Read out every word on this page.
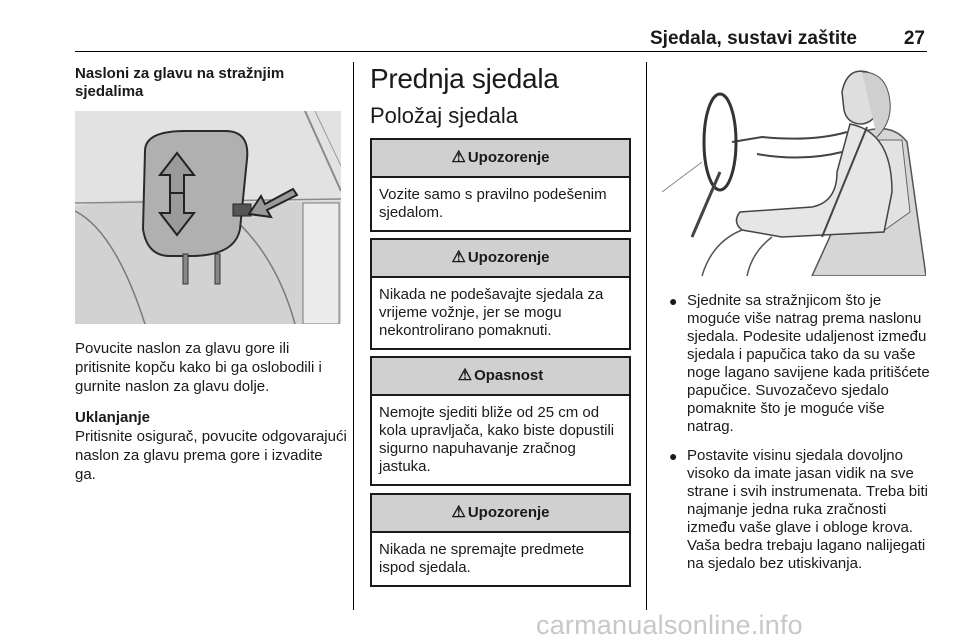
Sjedala, sustavi zaštite 27

Nasloni za glavu na stražnjim sjedalima

Povucite naslon za glavu gore ili pritisnite kopču kako bi ga oslobodili i gurnite naslon za glavu dolje.

Uklanjanje

Pritisnite osigurač, povucite odgovarajući naslon za glavu prema gore i izvadite ga.

Prednja sjedala
Položaj sjedala
⚠ Upozorenje
Vozite samo s pravilno podešenim sjedalom.
⚠ Upozorenje
Nikada ne podešavajte sjedala za vrijeme vožnje, jer se mogu nekontrolirano pomaknuti.
⚠ Opasnost
Nemojte sjediti bliže od 25 cm od kola upravljača, kako biste dopustili sigurno napuhavanje zračnog jastuka.
⚠ Upozorenje
Nikada ne spremajte predmete ispod sjedala.
● Sjednite sa stražnjicom što je moguće više natrag prema naslonu sjedala. Podesite udaljenost između sjedala i papučica tako da su vaše noge lagano savijene kada pritišćete papučice. Suvozačevo sjedalo pomaknite što je moguće više natrag.
● Postavite visinu sjedala dovoljno visoko da imate jasan vidik na sve strane i svih instrumenata. Treba biti najmanje jedna ruka zračnosti između vaše glave i obloge krova. Vaša bedra trebaju lagano nalijegati na sjedalo bez utiskivanja.
carmanualsonline.info
